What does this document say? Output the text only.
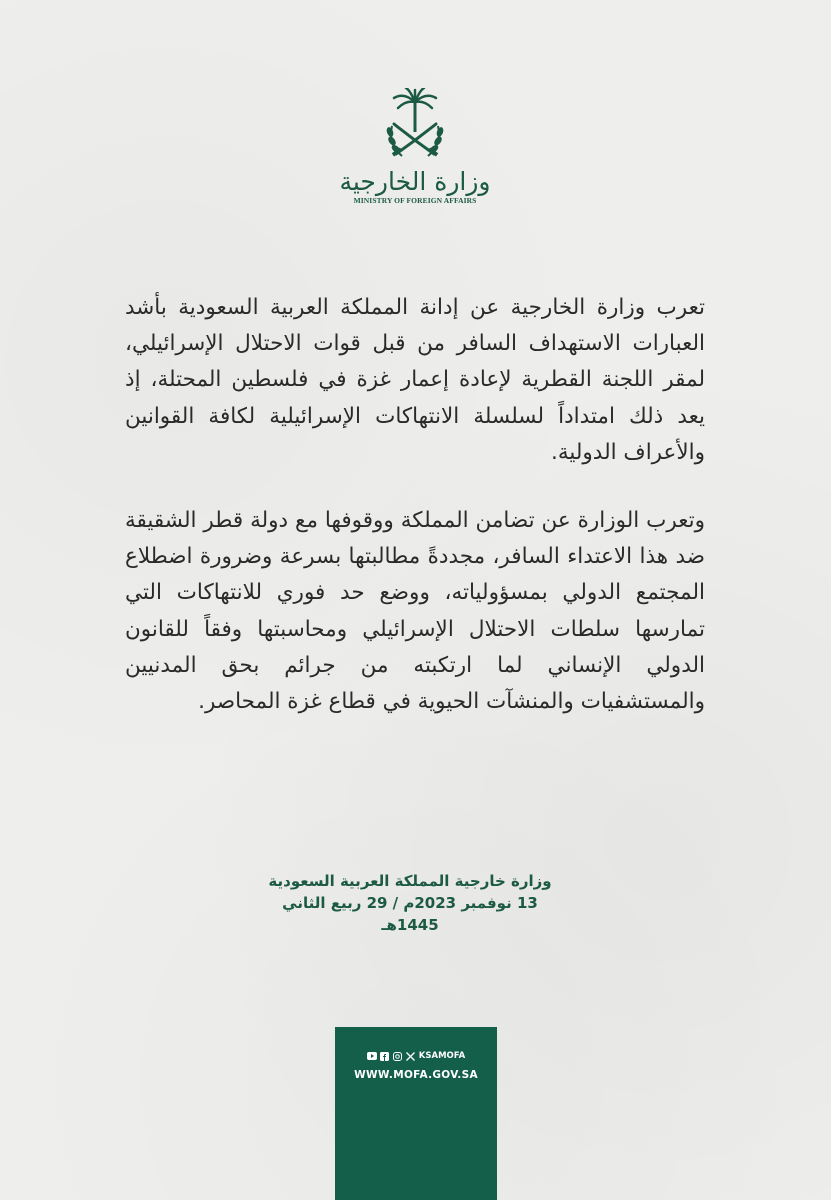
وزارة الخارجية
MINISTRY OF FOREIGN AFFAIRS

تعرب وزارة الخارجية عن إدانة المملكة العربية السعودية بأشد العبارات الاستهداف السافر من قبل قوات الاحتلال الإسرائيلي، لمقر اللجنة القطرية لإعادة إعمار غزة في فلسطين المحتلة، إذ يعد ذلك امتداداً لسلسلة الانتهاكات الإسرائيلية لكافة القوانين والأعراف الدولية.

وتعرب الوزارة عن تضامن المملكة ووقوفها مع دولة قطر الشقيقة ضد هذا الاعتداء السافر، مجددةً مطالبتها بسرعة وضرورة اضطلاع المجتمع الدولي بمسؤولياته، ووضع حد فوري للانتهاكات التي تمارسها سلطات الاحتلال الإسرائيلي ومحاسبتها وفقاً للقانون الدولي الإنساني لما ارتكبته من جرائم بحق المدنيين والمستشفيات والمنشآت الحيوية في قطاع غزة المحاصر.

وزارة خارجية المملكة العربية السعودية
13 نوفمبر 2023م / 29 ربيع الثاني 1445هـ
KSAMOFA
WWW.MOFA.GOV.SA
